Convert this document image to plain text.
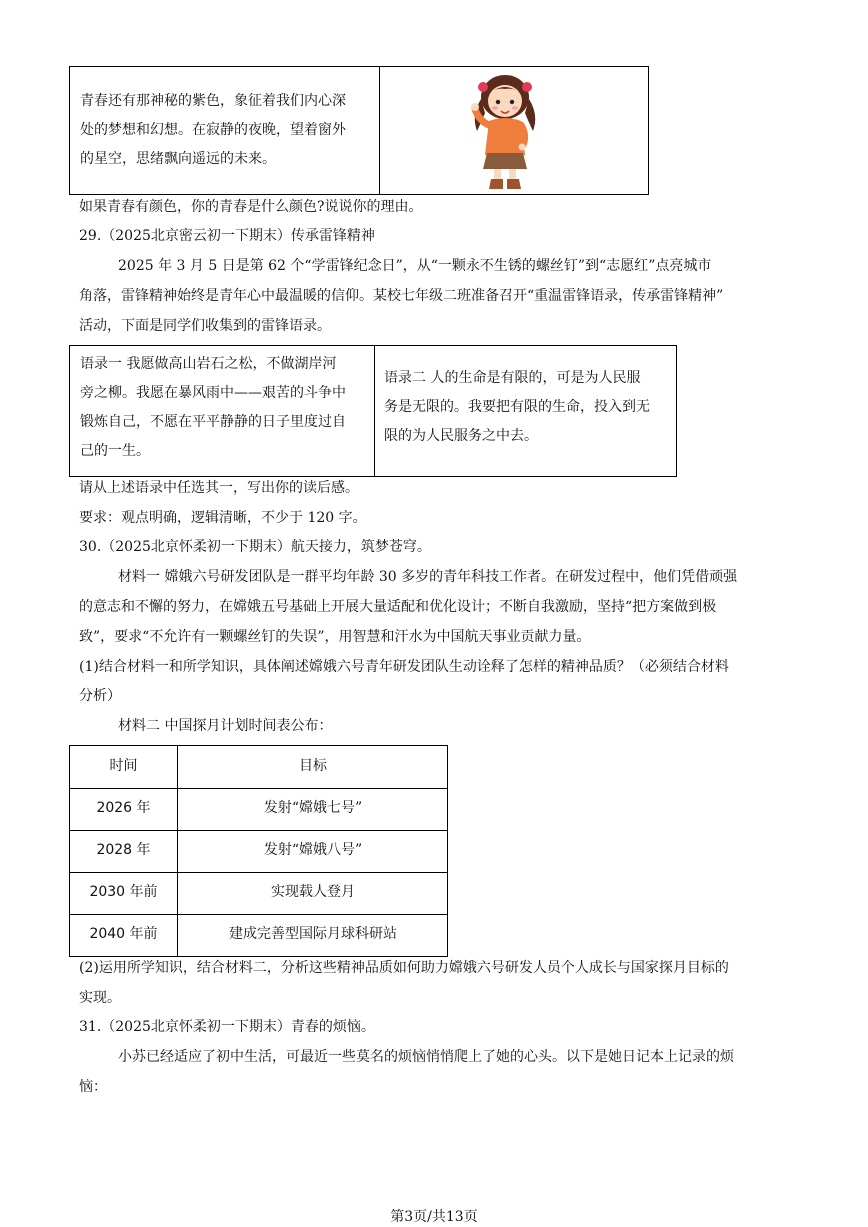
青春还有那神秘的紫色，象征着我们内心深
处的梦想和幻想。在寂静的夜晚，望着窗外
的星空，思绪飘向遥远的未来。
如果青春有颜色，你的青春是什么颜色?说说你的理由。
29.（2025北京密云初一下期末）传承雷锋精神
2025 年 3 月 5 日是第 62 个“学雷锋纪念日”，从“一颗永不生锈的螺丝钉”到“志愿红”点亮城市
角落，雷锋精神始终是青年心中最温暖的信仰。某校七年级二班准备召开“重温雷锋语录，传承雷锋精神”
活动，下面是同学们收集到的雷锋语录。
语录一 我愿做高山岩石之松，不做湖岸河
旁之柳。我愿在暴风雨中——艰苦的斗争中
锻炼自己，不愿在平平静静的日子里度过自
己的一生。
语录二 人的生命是有限的，可是为人民服
务是无限的。我要把有限的生命，投入到无
限的为人民服务之中去。
请从上述语录中任选其一，写出你的读后感。
要求：观点明确，逻辑清晰，不少于 120 字。
30.（2025北京怀柔初一下期末）航天接力，筑梦苍穹。
材料一 嫦娥六号研发团队是一群平均年龄 30 多岁的青年科技工作者。在研发过程中，他们凭借顽强
的意志和不懈的努力，在嫦娥五号基础上开展大量适配和优化设计；不断自我激励，坚持“把方案做到极
致”，要求“不允许有一颗螺丝钉的失误”，用智慧和汗水为中国航天事业贡献力量。
(1)结合材料一和所学知识，具体阐述嫦娥六号青年研发团队生动诠释了怎样的精神品质？（必须结合材料
分析）
材料二 中国探月计划时间表公布：
时间	目标
2026 年	发射“嫦娥七号”
2028 年	发射“嫦娥八号”
2030 年前	实现载人登月
2040 年前	建成完善型国际月球科研站
(2)运用所学知识，结合材料二，分析这些精神品质如何助力嫦娥六号研发人员个人成长与国家探月目标的
实现。
31.（2025北京怀柔初一下期末）青春的烦恼。
小苏已经适应了初中生活，可最近一些莫名的烦恼悄悄爬上了她的心头。以下是她日记本上记录的烦
恼：
第3页/共13页
